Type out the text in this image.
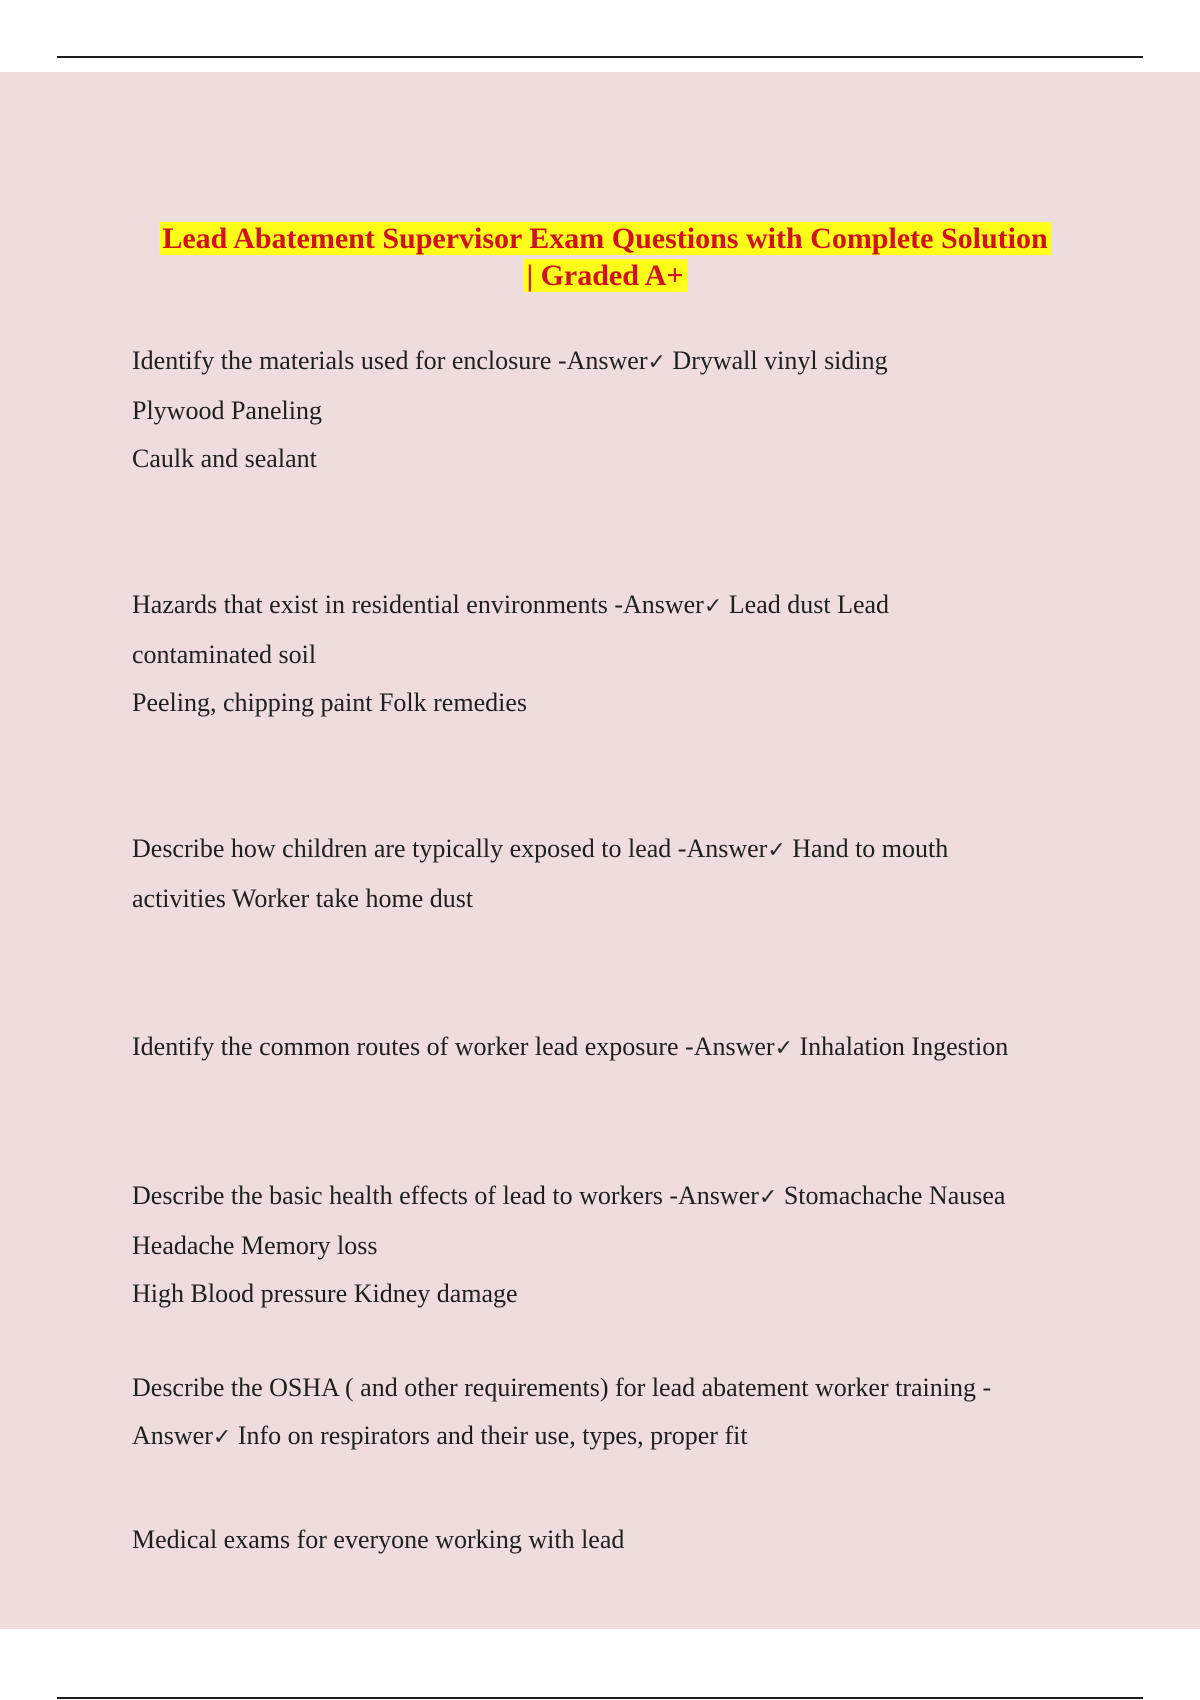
Lead Abatement Supervisor Exam Questions with Complete Solution
| Graded A+

Identify the materials used for enclosure -Answer✓ Drywall vinyl siding

Plywood Paneling

Caulk and sealant

Hazards that exist in residential environments -Answer✓ Lead dust Lead

contaminated soil

Peeling, chipping paint Folk remedies

Describe how children are typically exposed to lead -Answer✓ Hand to mouth

activities Worker take home dust

Identify the common routes of worker lead exposure -Answer✓ Inhalation Ingestion

Describe the basic health effects of lead to workers -Answer✓ Stomachache Nausea

Headache Memory loss

High Blood pressure Kidney damage

Describe the OSHA ( and other requirements) for lead abatement worker training -

Answer✓ Info on respirators and their use, types, proper fit

Medical exams for everyone working with lead
